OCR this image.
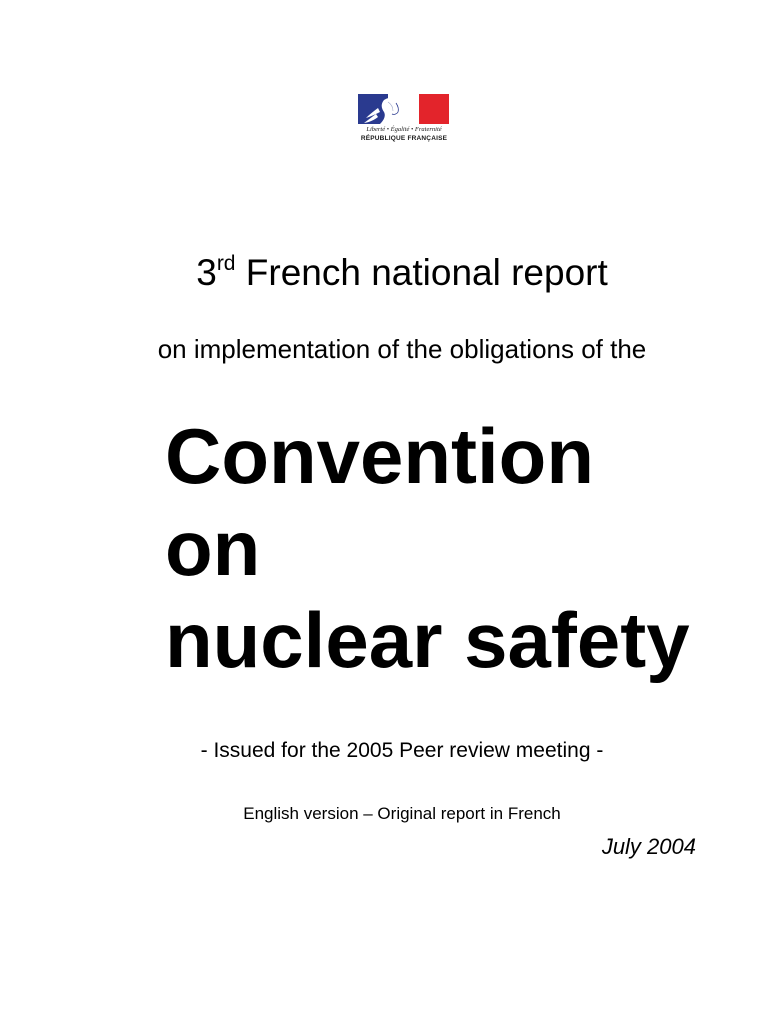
Liberté • Égalité • Fraternité
RÉPUBLIQUE FRANÇAISE
3rd French national report
on implementation of the obligations of the
Convention
on
nuclear safety
- Issued for the 2005 Peer review meeting -
English version – Original report in French
July 2004
